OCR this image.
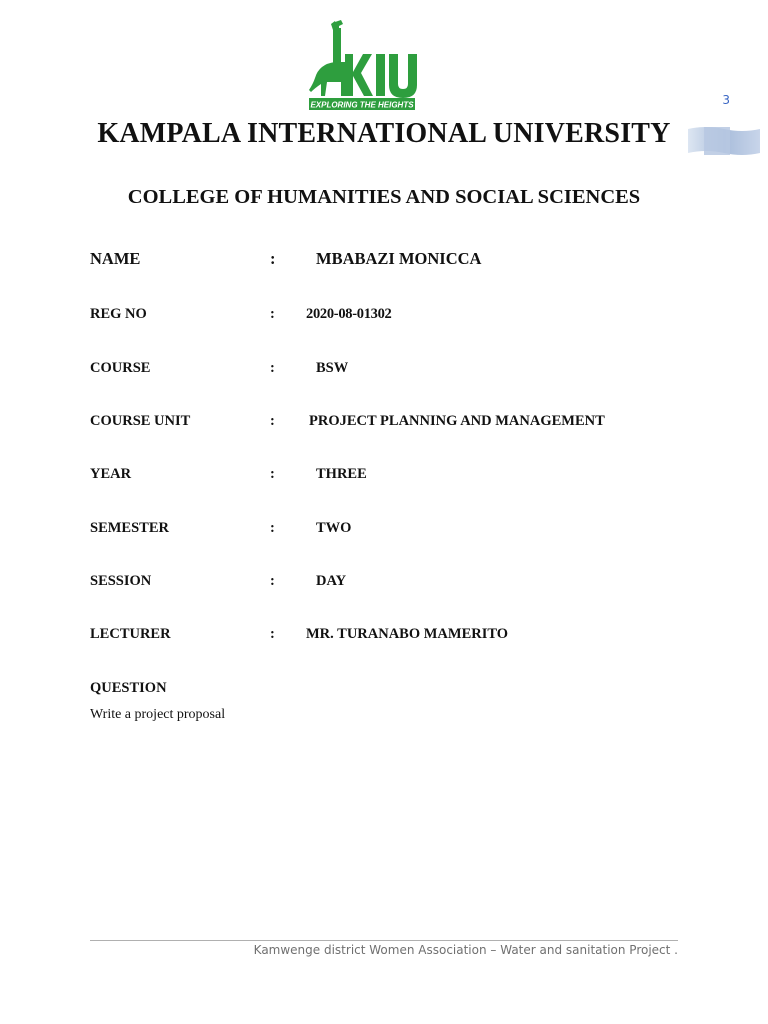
EXPLORING THE HEIGHTS	3
KAMPALA INTERNATIONAL UNIVERSITY
COLLEGE OF HUMANITIES AND SOCIAL SCIENCES
NAME	: MBABAZI MONICCA
REG NO	: 2020-08-01302
COURSE	:	BSW
COURSE UNIT	: PROJECT PLANNING AND MANAGEMENT
YEAR	:	THREE
SEMESTER	:	TWO
SESSION	:	DAY
LECTURER	: MR. TURANABO MAMERITO
QUESTION
Write a project proposal
Kamwenge district Women Association – Water and sanitation Project .
